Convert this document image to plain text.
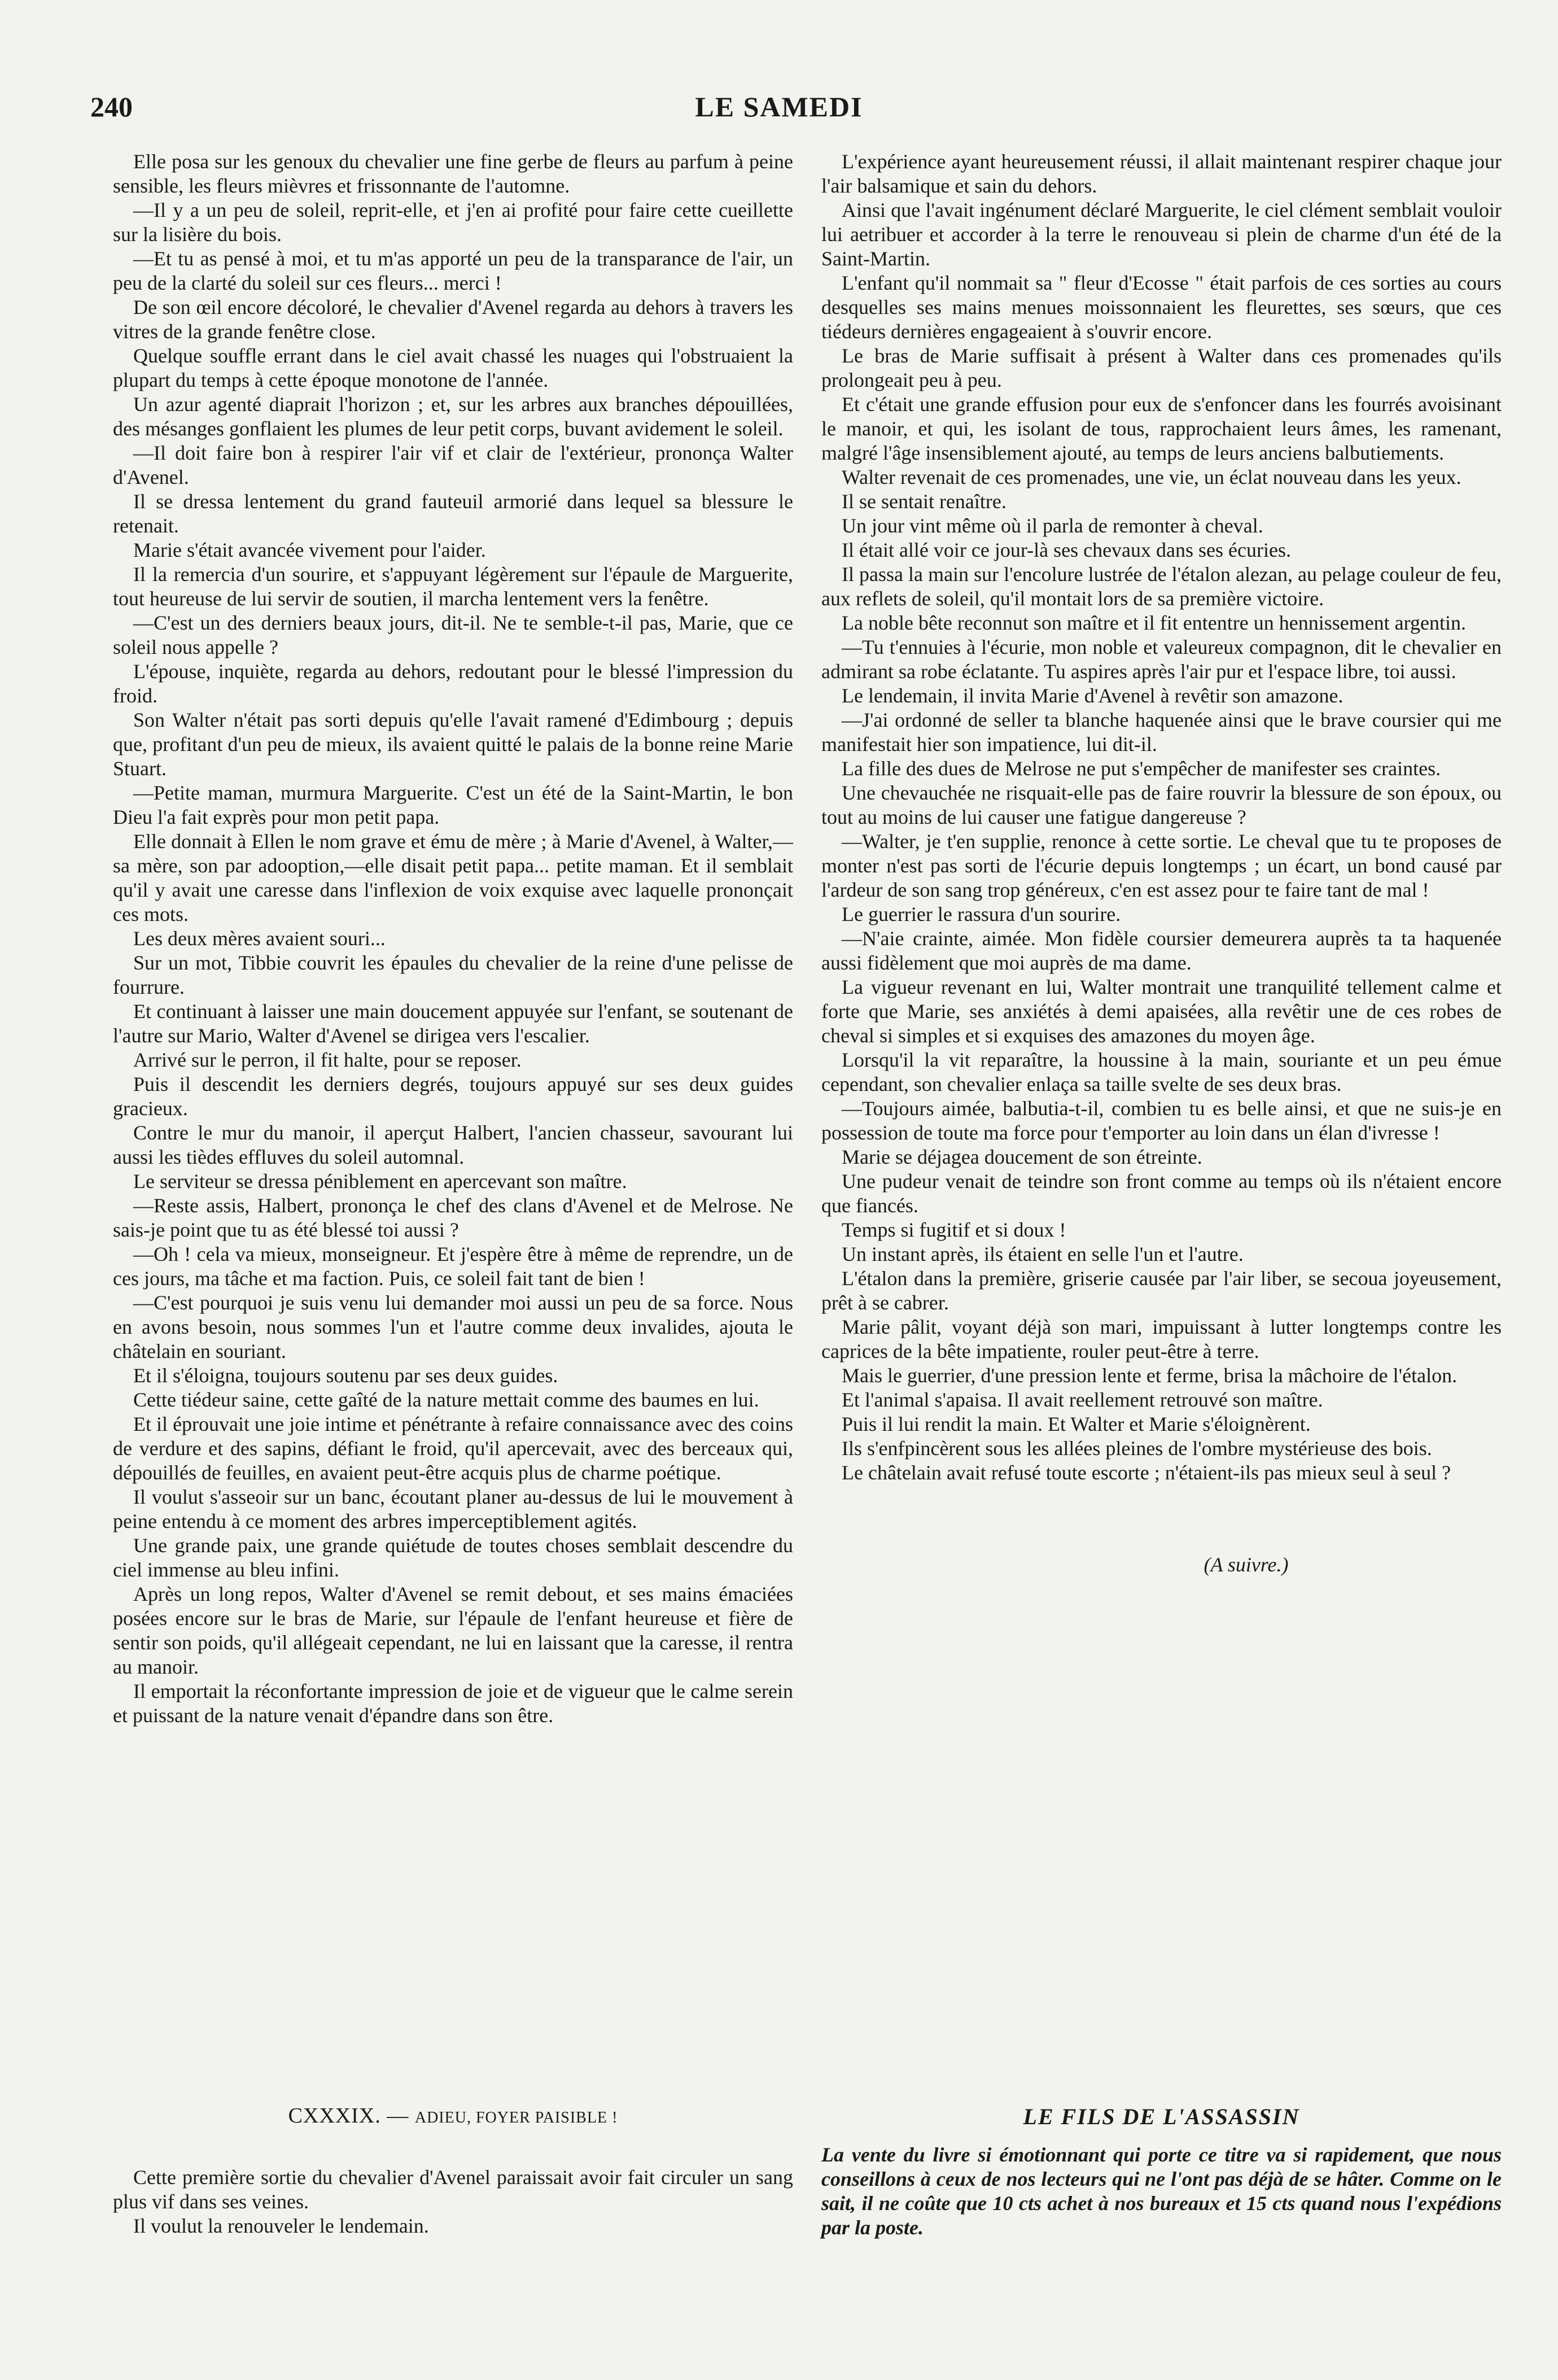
240	LE SAMEDI

Elle posa sur les genoux du chevalier une fine gerbe de fleurs au parfum à peine sensible, les fleurs mièvres et frissonnante de l'automne.

—Il y a un peu de soleil, reprit-elle, et j'en ai profité pour faire cette cueillette sur la lisière du bois.

—Et tu as pensé à moi, et tu m'as apporté un peu de la transparance de l'air, un peu de la clarté du soleil sur ces fleurs... merci !

De son œil encore décoloré, le chevalier d'Avenel regarda au dehors à travers les vitres de la grande fenêtre close.

Quelque souffle errant dans le ciel avait chassé les nuages qui l'obstruaient la plupart du temps à cette époque monotone de l'année.

Un azur agenté diaprait l'horizon ; et, sur les arbres aux branches dépouillées, des mésanges gonflaient les plumes de leur petit corps, buvant avidement le soleil.

—Il doit faire bon à respirer l'air vif et clair de l'extérieur, prononça Walter d'Avenel.

Il se dressa lentement du grand fauteuil armorié dans lequel sa blessure le retenait.

Marie s'était avancée vivement pour l'aider.

Il la remercia d'un sourire, et s'appuyant légèrement sur l'épaule de Marguerite, tout heureuse de lui servir de soutien, il marcha lentement vers la fenêtre.

—C'est un des derniers beaux jours, dit-il. Ne te semble-t-il pas, Marie, que ce soleil nous appelle ?

L'épouse, inquiète, regarda au dehors, redoutant pour le blessé l'impression du froid.

Son Walter n'était pas sorti depuis qu'elle l'avait ramené d'Edimbourg ; depuis que, profitant d'un peu de mieux, ils avaient quitté le palais de la bonne reine Marie Stuart.

—Petite maman, murmura Marguerite. C'est un été de la Saint-Martin, le bon Dieu l'a fait exprès pour mon petit papa.

Elle donnait à Ellen le nom grave et ému de mère ; à Marie d'Avenel, à Walter,—sa mère, son par adooption,—elle disait petit papa... petite maman. Et il semblait qu'il y avait une caresse dans l'inflexion de voix exquise avec laquelle prononçait ces mots.

Les deux mères avaient souri...

Sur un mot, Tibbie couvrit les épaules du chevalier de la reine d'une pelisse de fourrure.

Et continuant à laisser une main doucement appuyée sur l'enfant, se soutenant de l'autre sur Mario, Walter d'Avenel se dirigea vers l'escalier.

Arrivé sur le perron, il fit halte, pour se reposer.

Puis il descendit les derniers degrés, toujours appuyé sur ses deux guides gracieux.

Contre le mur du manoir, il aperçut Halbert, l'ancien chasseur, savourant lui aussi les tièdes effluves du soleil automnal.

Le serviteur se dressa péniblement en apercevant son maître.

—Reste assis, Halbert, prononça le chef des clans d'Avenel et de Melrose. Ne sais-je point que tu as été blessé toi aussi ?

—Oh ! cela va mieux, monseigneur. Et j'espère être à même de reprendre, un de ces jours, ma tâche et ma faction. Puis, ce soleil fait tant de bien !

—C'est pourquoi je suis venu lui demander moi aussi un peu de sa force. Nous en avons besoin, nous sommes l'un et l'autre comme deux invalides, ajouta le châtelain en souriant.

Et il s'éloigna, toujours soutenu par ses deux guides.

Cette tiédeur saine, cette gaîté de la nature mettait comme des baumes en lui.

Et il éprouvait une joie intime et pénétrante à refaire connaissance avec des coins de verdure et des sapins, défiant le froid, qu'il apercevait, avec des berceaux qui, dépouillés de feuilles, en avaient peut-être acquis plus de charme poétique.

Il voulut s'asseoir sur un banc, écoutant planer au-dessus de lui le mouvement à peine entendu à ce moment des arbres imperceptiblement agités.

Une grande paix, une grande quiétude de toutes choses semblait descendre du ciel immense au bleu infini.

Après un long repos, Walter d'Avenel se remit debout, et ses mains émaciées posées encore sur le bras de Marie, sur l'épaule de l'enfant heureuse et fière de sentir son poids, qu'il allégeait cependant, ne lui en laissant que la caresse, il rentra au manoir.

Il emportait la réconfortante impression de joie et de vigueur que le calme serein et puissant de la nature venait d'épandre dans son être.

CXXXIX. — ADIEU, FOYER PAISIBLE !

Cette première sortie du chevalier d'Avenel paraissait avoir fait circuler un sang plus vif dans ses veines.

Il voulut la renouveler le lendemain.

L'expérience ayant heureusement réussi, il allait maintenant respirer chaque jour l'air balsamique et sain du dehors.

Ainsi que l'avait ingénument déclaré Marguerite, le ciel clément semblait vouloir lui aetribuer et accorder à la terre le renouveau si plein de charme d'un été de la Saint-Martin.

L'enfant qu'il nommait sa " fleur d'Ecosse " était parfois de ces sorties au cours desquelles ses mains menues moissonnaient les fleurettes, ses sœurs, que ces tiédeurs dernières engageaient à s'ouvrir encore.

Le bras de Marie suffisait à présent à Walter dans ces promenades qu'ils prolongeait peu à peu.

Et c'était une grande effusion pour eux de s'enfoncer dans les fourrés avoisinant le manoir, et qui, les isolant de tous, rapprochaient leurs âmes, les ramenant, malgré l'âge insensiblement ajouté, au temps de leurs anciens balbutiements.

Walter revenait de ces promenades, une vie, un éclat nouveau dans les yeux.

Il se sentait renaître.

Un jour vint même où il parla de remonter à cheval.

Il était allé voir ce jour-là ses chevaux dans ses écuries.

Il passa la main sur l'encolure lustrée de l'étalon alezan, au pelage couleur de feu, aux reflets de soleil, qu'il montait lors de sa première victoire.

La noble bête reconnut son maître et il fit ententre un hennissement argentin.

—Tu t'ennuies à l'écurie, mon noble et valeureux compagnon, dit le chevalier en admirant sa robe éclatante. Tu aspires après l'air pur et l'espace libre, toi aussi.

Le lendemain, il invita Marie d'Avenel à revêtir son amazone.

—J'ai ordonné de seller ta blanche haquenée ainsi que le brave coursier qui me manifestait hier son impatience, lui dit-il.

La fille des dues de Melrose ne put s'empêcher de manifester ses craintes.

Une chevauchée ne risquait-elle pas de faire rouvrir la blessure de son époux, ou tout au moins de lui causer une fatigue dangereuse ?

—Walter, je t'en supplie, renonce à cette sortie. Le cheval que tu te proposes de monter n'est pas sorti de l'écurie depuis longtemps ; un écart, un bond causé par l'ardeur de son sang trop généreux, c'en est assez pour te faire tant de mal !

Le guerrier le rassura d'un sourire.

—N'aie crainte, aimée. Mon fidèle coursier demeurera auprès ta ta haquenée aussi fidèlement que moi auprès de ma dame.

La vigueur revenant en lui, Walter montrait une tranquilité tellement calme et forte que Marie, ses anxiétés à demi apaisées, alla revêtir une de ces robes de cheval si simples et si exquises des amazones du moyen âge.

Lorsqu'il la vit reparaître, la houssine à la main, souriante et un peu émue cependant, son chevalier enlaça sa taille svelte de ses deux bras.

—Toujours aimée, balbutia-t-il, combien tu es belle ainsi, et que ne suis-je en possession de toute ma force pour t'emporter au loin dans un élan d'ivresse !

Marie se déjagea doucement de son étreinte.

Une pudeur venait de teindre son front comme au temps où ils n'étaient encore que fiancés.

Temps si fugitif et si doux !

Un instant après, ils étaient en selle l'un et l'autre.

L'étalon dans la première, griserie causée par l'air liber, se secoua joyeusement, prêt à se cabrer.

Marie pâlit, voyant déjà son mari, impuissant à lutter longtemps contre les caprices de la bête impatiente, rouler peut-être à terre.

Mais le guerrier, d'une pression lente et ferme, brisa la mâchoire de l'étalon.

Et l'animal s'apaisa. Il avait reellement retrouvé son maître.

Puis il lui rendit la main. Et Walter et Marie s'éloignèrent.

Ils s'enfpincèrent sous les allées pleines de l'ombre mystérieuse des bois.

Le châtelain avait refusé toute escorte ; n'étaient-ils pas mieux seul à seul ?

(A suivre.)

LE FILS DE L'ASSASSIN
La vente du livre si émotionnant qui porte ce titre va si rapidement, que nous conseillons à ceux de nos lecteurs qui ne l'ont pas déjà de se hâter. Comme on le sait, il ne coûte que 10 cts achet à nos bureaux et 15 cts quand nous l'expédions par la poste.
